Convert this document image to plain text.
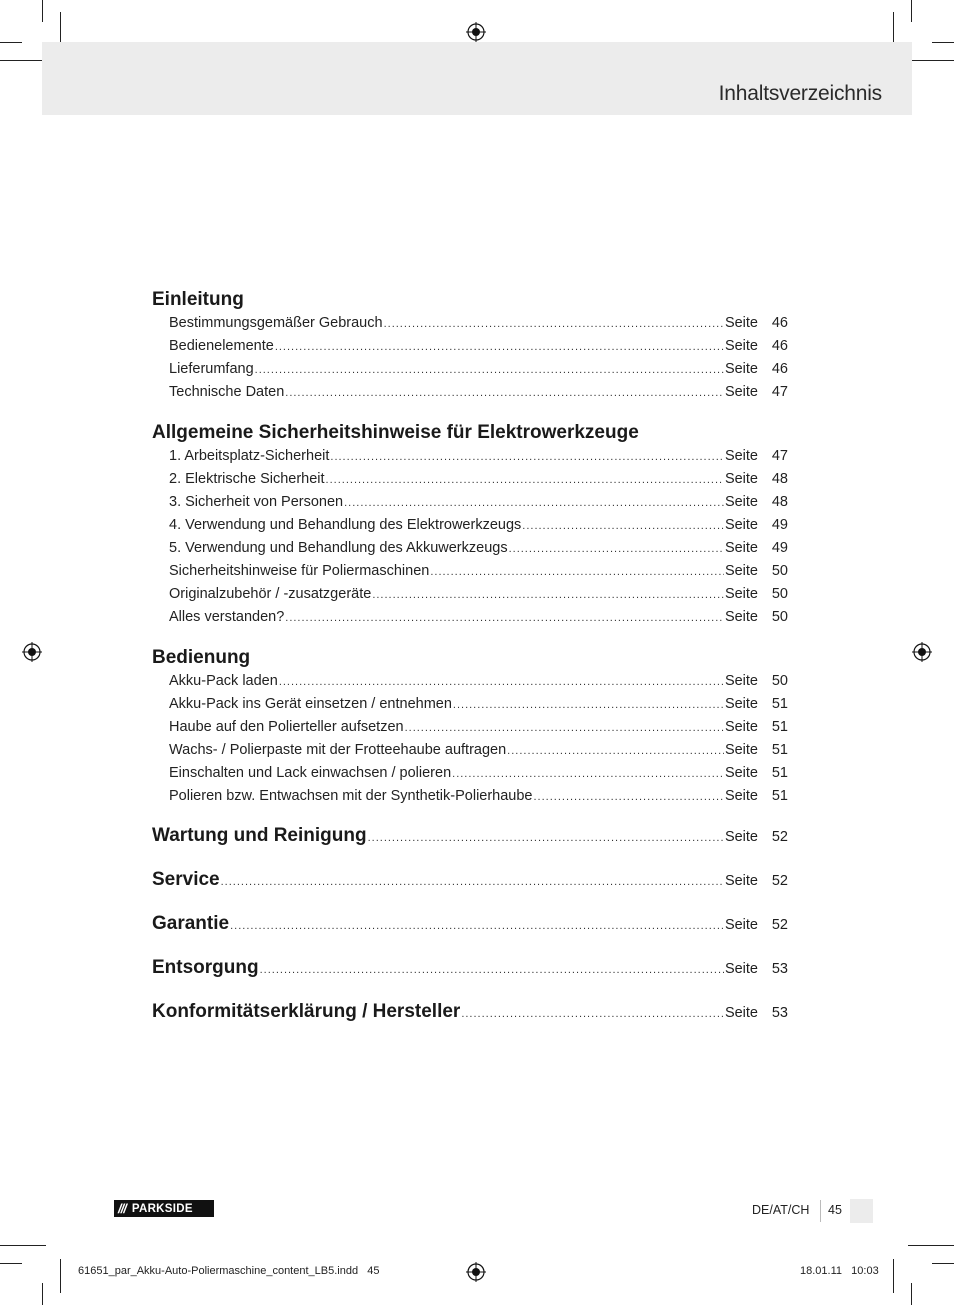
Inhaltsverzeichnis
Einleitung
Bestimmungsgemäßer Gebrauch .....	Seite 46
Bedienelemente .....	Seite 46
Lieferumfang .....	Seite 46
Technische Daten .....	Seite 47
Allgemeine Sicherheitshinweise für Elektrowerkzeuge
1. Arbeitsplatz-Sicherheit .....	Seite 47
2. Elektrische Sicherheit .....	Seite 48
3. Sicherheit von Personen .....	Seite 48
4. Verwendung und Behandlung des Elektrowerkzeugs .....	Seite 49
5. Verwendung und Behandlung des Akkuwerkzeugs .....	Seite 49
Sicherheitshinweise für Poliermaschinen .....	Seite 50
Originalzubehör / -zusatzgeräte .....	Seite 50
Alles verstanden? .....	Seite 50
Bedienung
Akku-Pack laden .....	Seite 50
Akku-Pack ins Gerät einsetzen / entnehmen .....	Seite 51
Haube auf den Polierteller aufsetzen .....	Seite 51
Wachs- / Polierpaste mit der Frotteehaube auftragen .....	Seite 51
Einschalten und Lack einwachsen / polieren .....	Seite 51
Polieren bzw. Entwachsen mit der Synthetik-Polierhaube .....	Seite 51
Wartung und Reinigung .....	Seite 52
Service .....	Seite 52
Garantie .....	Seite 52
Entsorgung .....	Seite 53
Konformitätserklärung / Hersteller .....	Seite 53
/// PARKSIDE	DE/AT/CH 45
61651_par_Akku-Auto-Poliermaschine_content_LB5.indd   45	18.01.11   10:03
